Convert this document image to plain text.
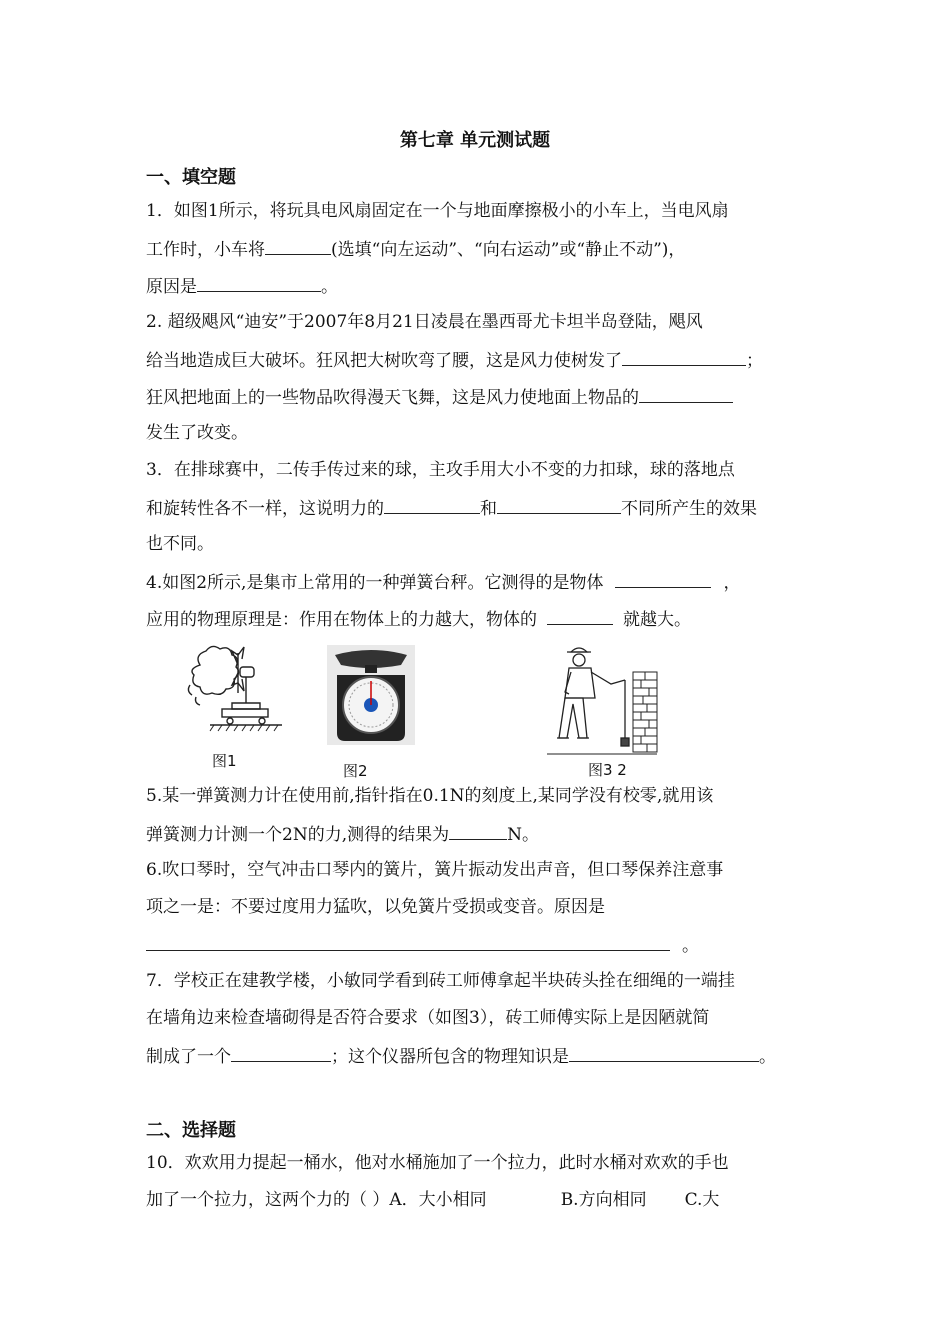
第七章 单元测试题
一、填空题
1．如图1所示，将玩具电风扇固定在一个与地面摩擦极小的小车上，当电风扇
工作时，小车将	(选填“向左运动”、“向右运动”或“静止不动”)，
原因是	。
2. 超级飓风“迪安”于2007年8月21日凌晨在墨西哥尤卡坦半岛登陆，飓风
给当地造成巨大破坏。狂风把大树吹弯了腰，这是风力使树发了	；
狂风把地面上的一些物品吹得漫天飞舞，这是风力使地面上物品的
发生了改变。
3．在排球赛中，二传手传过来的球，主攻手用大小不变的力扣球，球的落地点
和旋转性各不一样，这说明力的	和	不同所产生的效果
也不同。
4.如图2所示,是集市上常用的一种弹簧台秤。它测得的是物体	，
应用的物理原理是：作用在物体上的力越大，物体的	就越大。
图1
图2	图3 2
5.某一弹簧测力计在使用前,指针指在0.1N的刻度上,某同学没有校零,就用该
弹簧测力计测一个2N的力,测得的结果为	N。
6.吹口琴时，空气冲击口琴内的簧片，簧片振动发出声音，但口琴保养注意事
项之一是：不要过度用力猛吹，以免簧片受损或变音。原因是
。
7．学校正在建教学楼，小敏同学看到砖工师傅拿起半块砖头拴在细绳的一端挂
在墙角边来检查墙砌得是否符合要求（如图3），砖工师傅实际上是因陋就简
制成了一个	；这个仪器所包含的物理知识是	。
二、选择题
10．欢欢用力提起一桶水，他对水桶施加了一个拉力，此时水桶对欢欢的手也
加了一个拉力，这两个力的（ ）A．大小相同	B.方向相同 C.大
